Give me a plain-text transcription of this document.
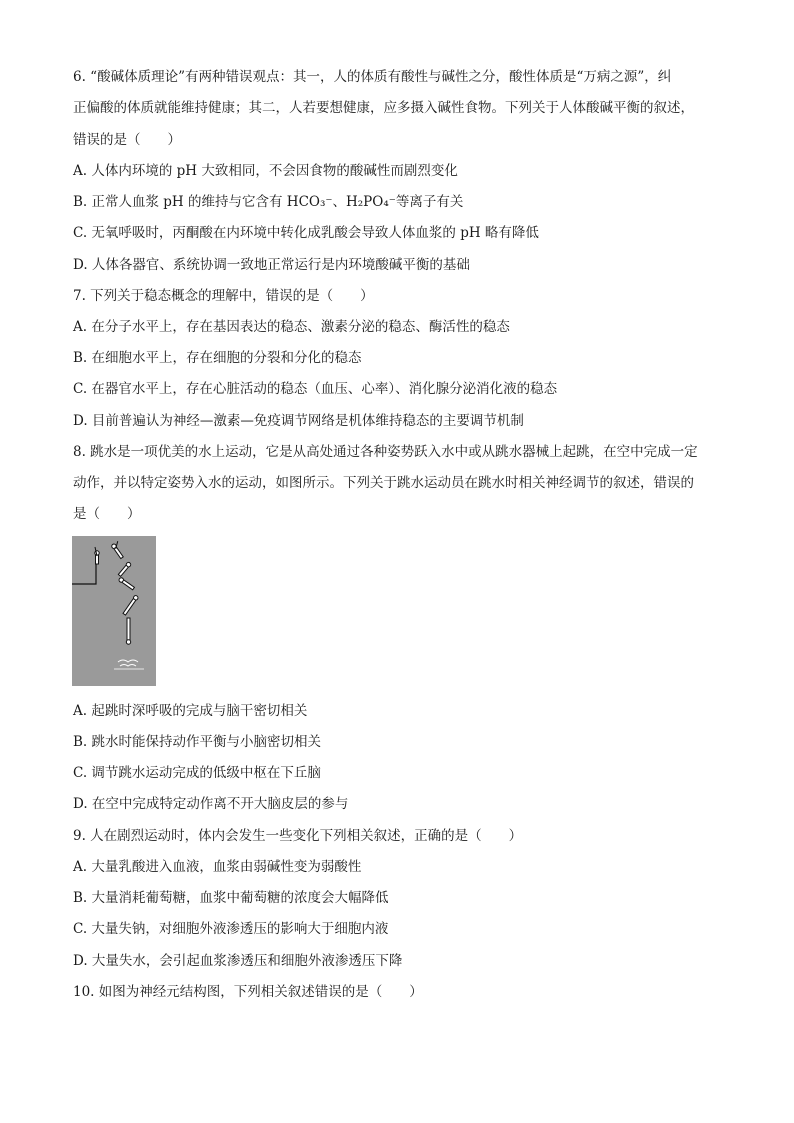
6. “酸碱体质理论”有两种错误观点：其一，人的体质有酸性与碱性之分，酸性体质是“万病之源”，纠
正偏酸的体质就能维持健康；其二，人若要想健康，应多摄入碱性食物。下列关于人体酸碱平衡的叙述，
错误的是（　　）
A. 人体内环境的 pH 大致相同，不会因食物的酸碱性而剧烈变化
B. 正常人血浆 pH 的维持与它含有 HCO₃⁻、H₂PO₄⁻等离子有关
C. 无氧呼吸时，丙酮酸在内环境中转化成乳酸会导致人体血浆的 pH 略有降低
D. 人体各器官、系统协调一致地正常运行是内环境酸碱平衡的基础
7. 下列关于稳态概念的理解中，错误的是（　　）
A. 在分子水平上，存在基因表达的稳态、激素分泌的稳态、酶活性的稳态
B. 在细胞水平上，存在细胞的分裂和分化的稳态
C. 在器官水平上，存在心脏活动的稳态（血压、心率）、消化腺分泌消化液的稳态
D. 目前普遍认为神经—激素—免疫调节网络是机体维持稳态的主要调节机制
8. 跳水是一项优美的水上运动，它是从高处通过各种姿势跃入水中或从跳水器械上起跳，在空中完成一定
动作，并以特定姿势入水的运动，如图所示。下列关于跳水运动员在跳水时相关神经调节的叙述，错误的
是（　　）
A. 起跳时深呼吸的完成与脑干密切相关
B. 跳水时能保持动作平衡与小脑密切相关
C. 调节跳水运动完成的低级中枢在下丘脑
D. 在空中完成特定动作离不开大脑皮层的参与
9. 人在剧烈运动时，体内会发生一些变化下列相关叙述，正确的是（　　）
A. 大量乳酸进入血液，血浆由弱碱性变为弱酸性
B. 大量消耗葡萄糖，血浆中葡萄糖的浓度会大幅降低
C. 大量失钠，对细胞外液渗透压的影响大于细胞内液
D. 大量失水，会引起血浆渗透压和细胞外液渗透压下降
10. 如图为神经元结构图，下列相关叙述错误的是（　　）
